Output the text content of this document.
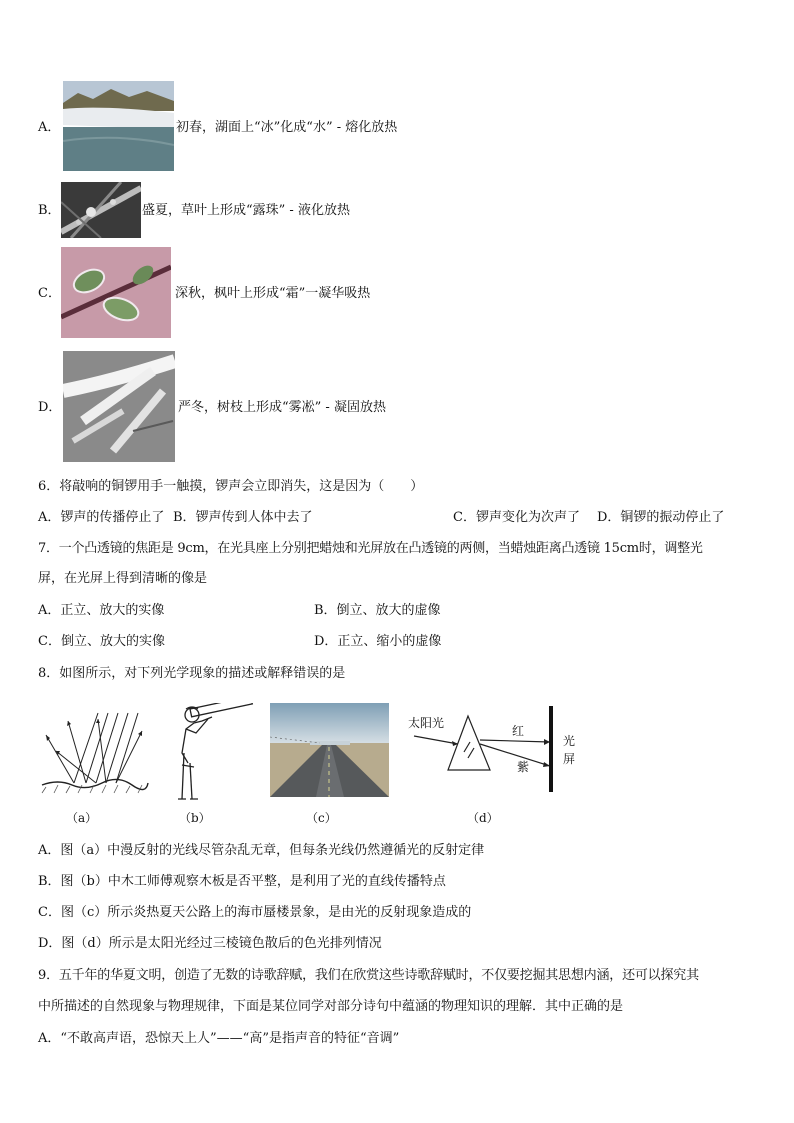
A．	初春，湖面上“冰”化成“水” - 熔化放热
B．	盛夏，草叶上形成“露珠” - 液化放热
C．	深秋，枫叶上形成“霜”一凝华吸热
D．	严冬，树枝上形成“雾凇” - 凝固放热
6．将敲响的铜锣用手一触摸，锣声会立即消失，这是因为（　　）
A．锣声的传播停止了 B．锣声传到人体中去了	C．锣声变化为次声了 D．铜锣的振动停止了
7．一个凸透镜的焦距是 9cm，在光具座上分别把蜡烛和光屏放在凸透镜的两侧，当蜡烛距离凸透镜 15cm时，调整光
屏，在光屏上得到清晰的像是
A．正立、放大的实像	B．倒立、放大的虚像
C．倒立、放大的实像	D．正立、缩小的虚像
8．如图所示，对下列光学现象的描述或解释错误的是
太阳光
红
紫
光
屏
（a）	（b）	（c）	（d）
A．图（a）中漫反射的光线尽管杂乱无章，但每条光线仍然遵循光的反射定律
B．图（b）中木工师傅观察木板是否平整，是利用了光的直线传播特点
C．图（c）所示炎热夏天公路上的海市蜃楼景象，是由光的反射现象造成的
D．图（d）所示是太阳光经过三棱镜色散后的色光排列情况
9．五千年的华夏文明，创造了无数的诗歌辞赋，我们在欣赏这些诗歌辞赋时，不仅要挖掘其思想内涵，还可以探究其
中所描述的自然现象与物理规律，下面是某位同学对部分诗句中蕴涵的物理知识的理解．其中正确的是
A．“不敢高声语，恐惊天上人”——“高”是指声音的特征“音调”
